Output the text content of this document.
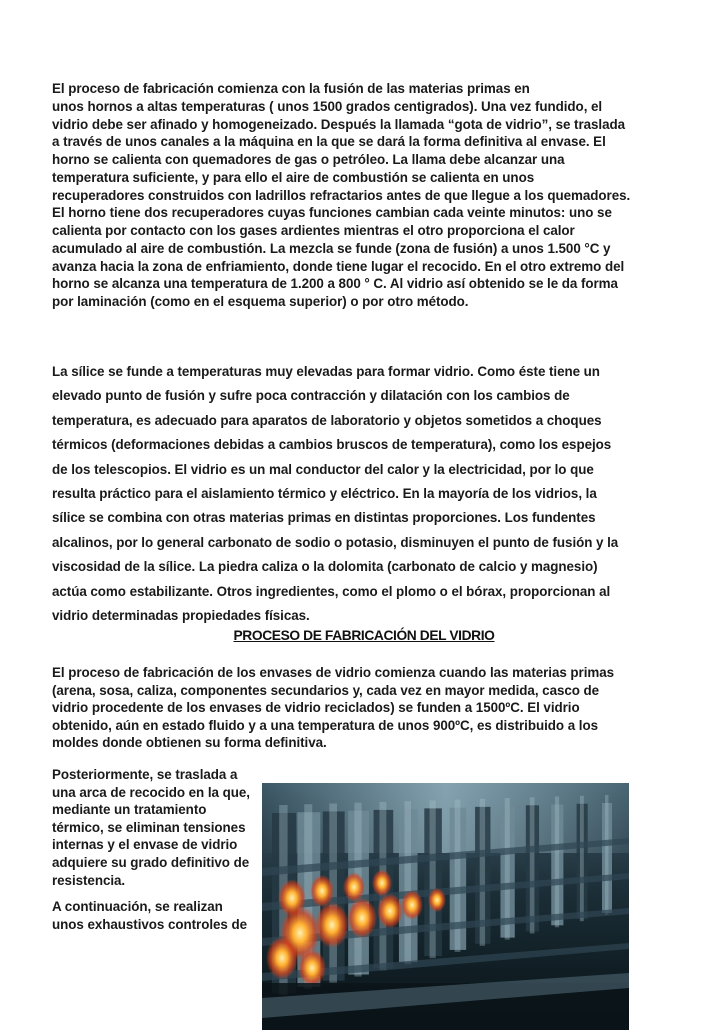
El proceso de fabricación comienza con la fusión de las materias primas en
unos hornos a altas temperaturas ( unos 1500 grados centigrados). Una vez fundido, el
vidrio debe ser afinado y homogeneizado. Después la llamada “gota de vidrio”, se traslada
a través de unos canales a la máquina en la que se dará la forma definitiva al envase. El
horno se calienta con quemadores de gas o petróleo. La llama debe alcanzar una
temperatura suficiente, y para ello el aire de combustión se calienta en unos
recuperadores construidos con ladrillos refractarios antes de que llegue a los quemadores.
El horno tiene dos recuperadores cuyas funciones cambian cada veinte minutos: uno se
calienta por contacto con los gases ardientes mientras el otro proporciona el calor
acumulado al aire de combustión. La mezcla se funde (zona de fusión) a unos 1.500 °C y
avanza hacia la zona de enfriamiento, donde tiene lugar el recocido. En el otro extremo del
horno se alcanza una temperatura de 1.200 a 800 ° C. Al vidrio así obtenido se le da forma
por laminación (como en el esquema superior) o por otro método.
La sílice se funde a temperaturas muy elevadas para formar vidrio. Como éste tiene un
elevado punto de fusión y sufre poca contracción y dilatación con los cambios de
temperatura, es adecuado para aparatos de laboratorio y objetos sometidos a choques
térmicos (deformaciones debidas a cambios bruscos de temperatura), como los espejos
de los telescopios. El vidrio es un mal conductor del calor y la electricidad, por lo que
resulta práctico para el aislamiento térmico y eléctrico. En la mayoría de los vidrios, la
sílice se combina con otras materias primas en distintas proporciones. Los fundentes
alcalinos, por lo general carbonato de sodio o potasio, disminuyen el punto de fusión y la
viscosidad de la sílice. La piedra caliza o la dolomita (carbonato de calcio y magnesio)
actúa como estabilizante. Otros ingredientes, como el plomo o el bórax, proporcionan al
vidrio determinadas propiedades físicas.
PROCESO DE FABRICACIÓN DEL VIDRIO
El proceso de fabricación de los envases de vidrio comienza cuando las materias primas
(arena, sosa, caliza, componentes secundarios y, cada vez en mayor medida, casco de
vidrio procedente de los envases de vidrio reciclados) se funden a 1500ºC. El vidrio
obtenido, aún en estado fluido y a una temperatura de unos 900ºC, es distribuido a los
moldes donde obtienen su forma definitiva.
Posteriormente, se traslada a
una arca de recocido en la que,
mediante un tratamiento
térmico, se eliminan tensiones
internas y el envase de vidrio
adquiere su grado definitivo de
resistencia.
A continuación, se realizan
unos exhaustivos controles de
